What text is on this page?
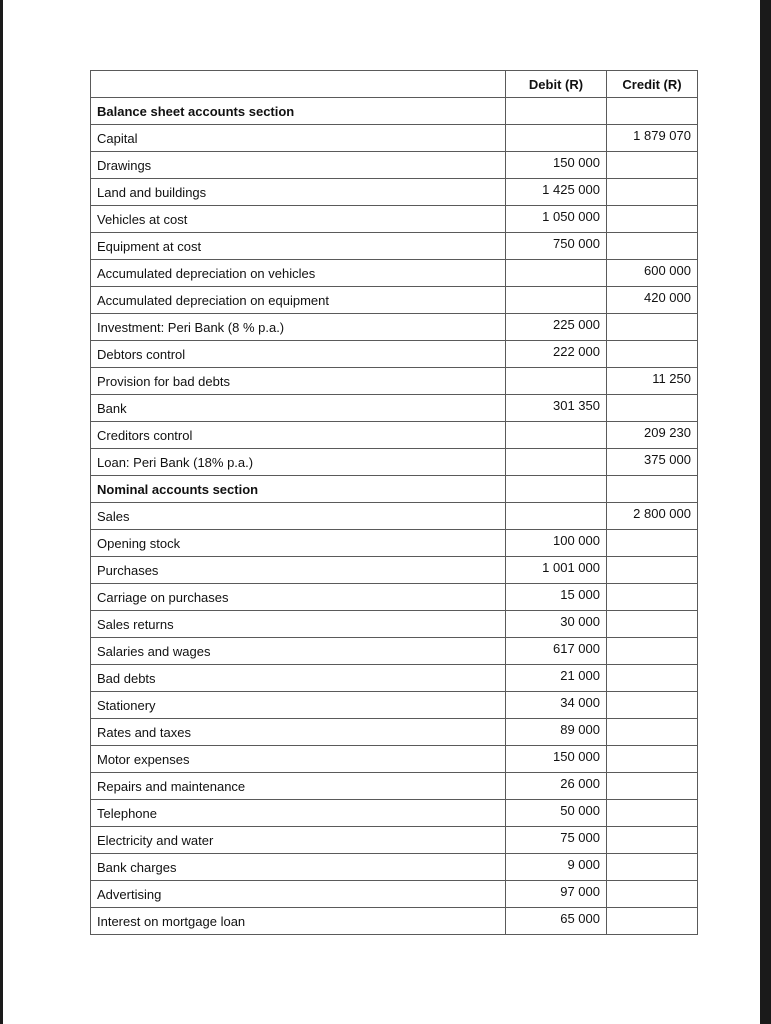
	Debit (R)	Credit (R)
Balance sheet accounts section		
Capital		1 879 070
Drawings	150 000	
Land and buildings	1 425 000	
Vehicles at cost	1 050 000	
Equipment at cost	750 000	
Accumulated depreciation on vehicles		600 000
Accumulated depreciation on equipment		420 000
Investment: Peri Bank (8 % p.a.)	225 000	
Debtors control	222 000	
Provision for bad debts		11 250
Bank	301 350	
Creditors control		209 230
Loan: Peri Bank (18% p.a.)		375 000
Nominal accounts section		
Sales		2 800 000
Opening stock	100 000	
Purchases	1 001 000	
Carriage on purchases	15 000	
Sales returns	30 000	
Salaries and wages	617 000	
Bad debts	21 000	
Stationery	34 000	
Rates and taxes	89 000	
Motor expenses	150 000	
Repairs and maintenance	26 000	
Telephone	50 000	
Electricity and water	75 000	
Bank charges	9 000	
Advertising	97 000	
Interest on mortgage loan	65 000	
